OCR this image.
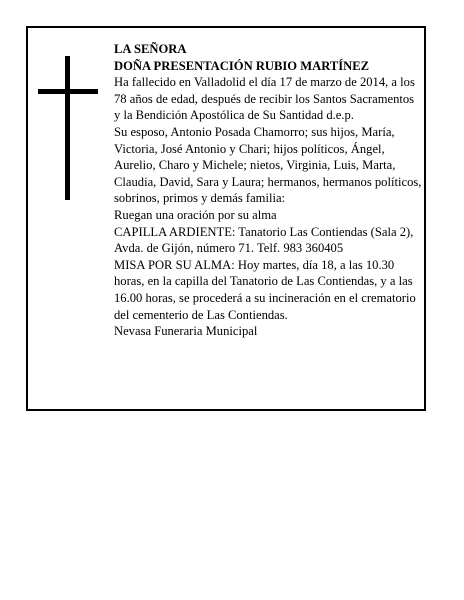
LA SEÑORA

DOÑA PRESENTACIÓN RUBIO MARTÍNEZ

Ha fallecido en Valladolid el día 17 de marzo de 2014, a los 78 años de edad, después de recibir los Santos Sacramentos y la Bendición Apostólica de Su Santidad d.e.p.

Su esposo, Antonio Posada Chamorro; sus hijos, María, Victoria, José Antonio y Chari; hijos políticos, Ángel, Aurelio, Charo y Michele; nietos, Virginia, Luis, Marta, Claudia, David, Sara y Laura; hermanos, hermanos políticos, sobrinos, primos y demás familia:

Ruegan una oración por su alma

CAPILLA ARDIENTE: Tanatorio Las Contiendas (Sala 2), Avda. de Gijón, número 71. Telf. 983 360405

MISA POR SU ALMA: Hoy martes, día 18, a las 10.30 horas, en la capilla del Tanatorio de Las Contiendas, y a las 16.00 horas, se procederá a su incineración en el crematorio del cementerio de Las Contiendas.

Nevasa Funeraria Municipal
